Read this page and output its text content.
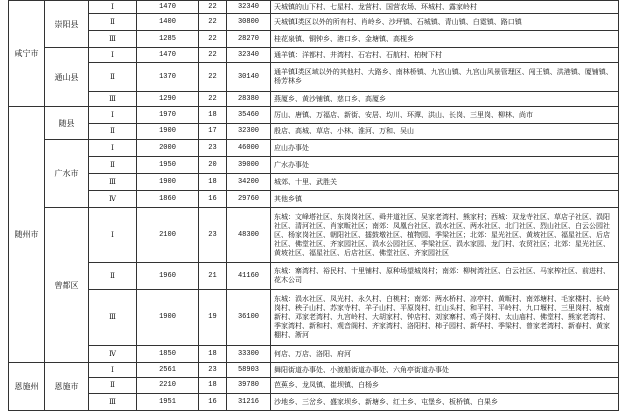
咸宁市	崇阳县	Ⅰ	1470	22	32340	天城镇的山下村、七星村、龙营村、国营农场、环城村、露家岭村
		Ⅱ	1400	22	30800	天城镇Ⅰ类区以外的所有村、肖岭乡、沙坪镇、石城镇、青山镇、白霓镇、路口镇
		Ⅲ	1285	22	28270	桂花泉镇、铜钟乡、港口乡、金塘镇、高枧乡
	通山县	Ⅰ	1470	22	32340	通羊镇：洋都村、井湾村、石宕村、石航村、柏树下村
		Ⅱ	1370	22	30140	通羊镇Ⅰ类区域以外的其他村、大路乡、南林桥镇、九宫山镇、九宫山风景管理区、闯王镇、洪港镇、厦铺镇、杨芳林乡
		Ⅲ	1290	22	28380	燕厦乡、黄沙铺镇、慈口乡、高厦乡
随州市	随县	Ⅰ	1970	18	35460	厉山、唐镇、万福店、新街、安居、均川、环潭、洪山、长岗、三里岗、柳林、尚市
		Ⅱ	1900	17	32300	殷店、高城、草店、小林、淮河、万和、吴山
	广水市	Ⅰ	2000	23	46000	应山办事处
		Ⅱ	1950	20	39000	广水办事处
		Ⅲ	1900	18	34200	城郊、十里、武胜关
		Ⅳ	1860	16	29760	其他乡镇
	曾都区	Ⅰ	2100	23	48300	东城：文峰塔社区、东岗岗社区、舜井道社区、吴家老湾村、熊家村；西城：双龙寺社区、草店子社区、涢阳社区、清河社区、肖家畈社区；南郊：凤凰台社区、涢水社区、两水社区、北门社区、烈山社区、白云公园社区、杨家岗社区、朝阳社区、擂鼓墩社区、植物园、季梁社区；北郊：星光社区、黄坡社区、福星社区、后店社区、佛堂社区、齐家园社区、涢水公园社区、季梁社区、涢水家园、龙门村、农贸社区；北郊：星光社区、黄坡社区、福星社区、后店社区、佛堂社区、齐家园社区
		Ⅱ	1960	21	41160	东城：寨湾村、裕民村、十里铺村、原种场望城岗村；南郊：柳树湾社区、白云社区、马家榨社区、前进村、花木公司
		Ⅲ	1900	19	36100	东城：涢水社区、凤光村、永久村、白桃村；南郊：两水桥村、凉亭村、黄畈村、南郊塘村、毛家楼村、长岭岗村、秧子山村、苏家寺村、羊子山村、平原岗村、红山头村、和平村、平岭村、九口堰村、三里岗村、城南新村、邓家老湾村、九宫岭村、大胡家村、钟店村、刘家寨村、鸡子岗村、太山庙村、佛堂村、熊家老湾村、季家湾村、新和村、观音阁村、齐家湾村、洛阳村、柿子园村、新华村、季梁村、曾家老湾村、新春村、黄家棚村、淅河
		Ⅳ	1850	18	33300	何店、万店、洛阳、府河
恩施州	恩施市	Ⅰ	2561	23	58903	舞阳街道办事处、小渡船街道办事处、六角亭街道办事处
		Ⅱ	2210	18	39780	芭蕉乡、龙凤镇、崔坝镇、白杨乡
		Ⅲ	1951	16	31216	沙地乡、三岔乡、盛家坝乡、新塘乡、红土乡、屯堡乡、板桥镇、白果乡
